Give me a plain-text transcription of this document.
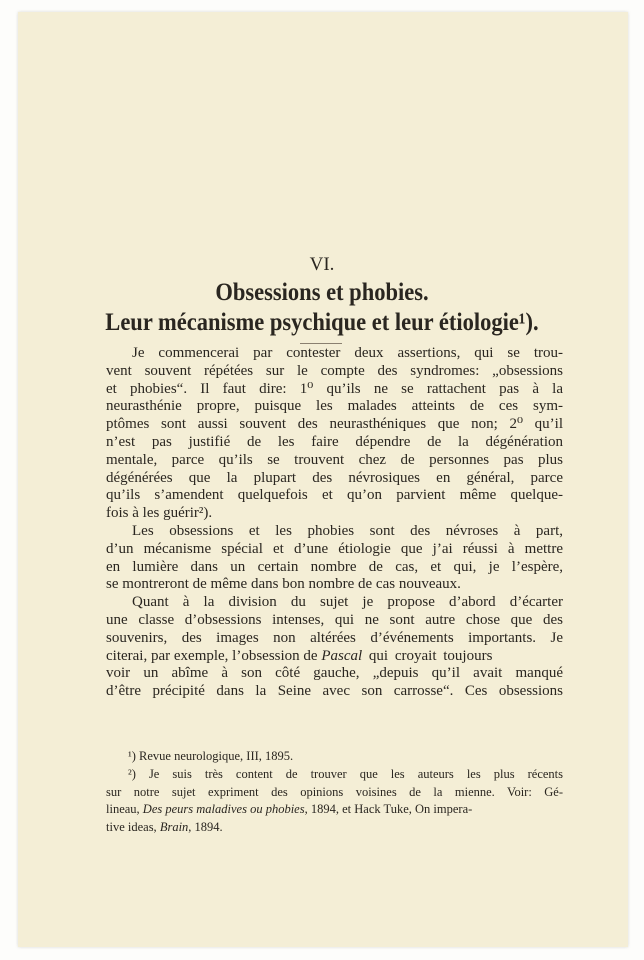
VI.
Obsessions et phobies.
Leur mécanisme psychique et leur étiologie¹).
Je commencerai par contester deux assertions, qui se trou-
vent souvent répétées sur le compte des syndromes: „obsessions
et phobies“. Il faut dire: 1⁰ qu’ils ne se rattachent pas à la
neurasthénie propre, puisque les malades atteints de ces sym-
ptômes sont aussi souvent des neurasthéniques que non; 2⁰ qu’il
n’est pas justifié de les faire dépendre de la dégénération
mentale, parce qu’ils se trouvent chez de personnes pas plus
dégénérées que la plupart des névrosiques en général, parce
qu’ils s’amendent quelquefois et qu’on parvient même quelque-
fois à les guérir²).
Les obsessions et les phobies sont des névroses à part,
d’un mécanisme spécial et d’une étiologie que j’ai réussi à mettre
en lumière dans un certain nombre de cas, et qui, je l’espère,
se montreront de même dans bon nombre de cas nouveaux.
Quant à la division du sujet je propose d’abord d’écarter
une classe d’obsessions intenses, qui ne sont autre chose que des
souvenirs, des images non altérées d’événements importants. Je
citerai, par exemple, l’obsession de Pascal qui croyait toujours
voir un abîme à son côté gauche, „depuis qu’il avait manqué
d’être précipité dans la Seine avec son carrosse“. Ces obsessions
¹) Revue neurologique, III, 1895.
²) Je suis très content de trouver que les auteurs les plus récents
sur notre sujet expriment des opinions voisines de la mienne. Voir: Gé-
lineau, Des peurs maladives ou phobies, 1894, et Hack Tuke, On impera-
tive ideas, Brain, 1894.
